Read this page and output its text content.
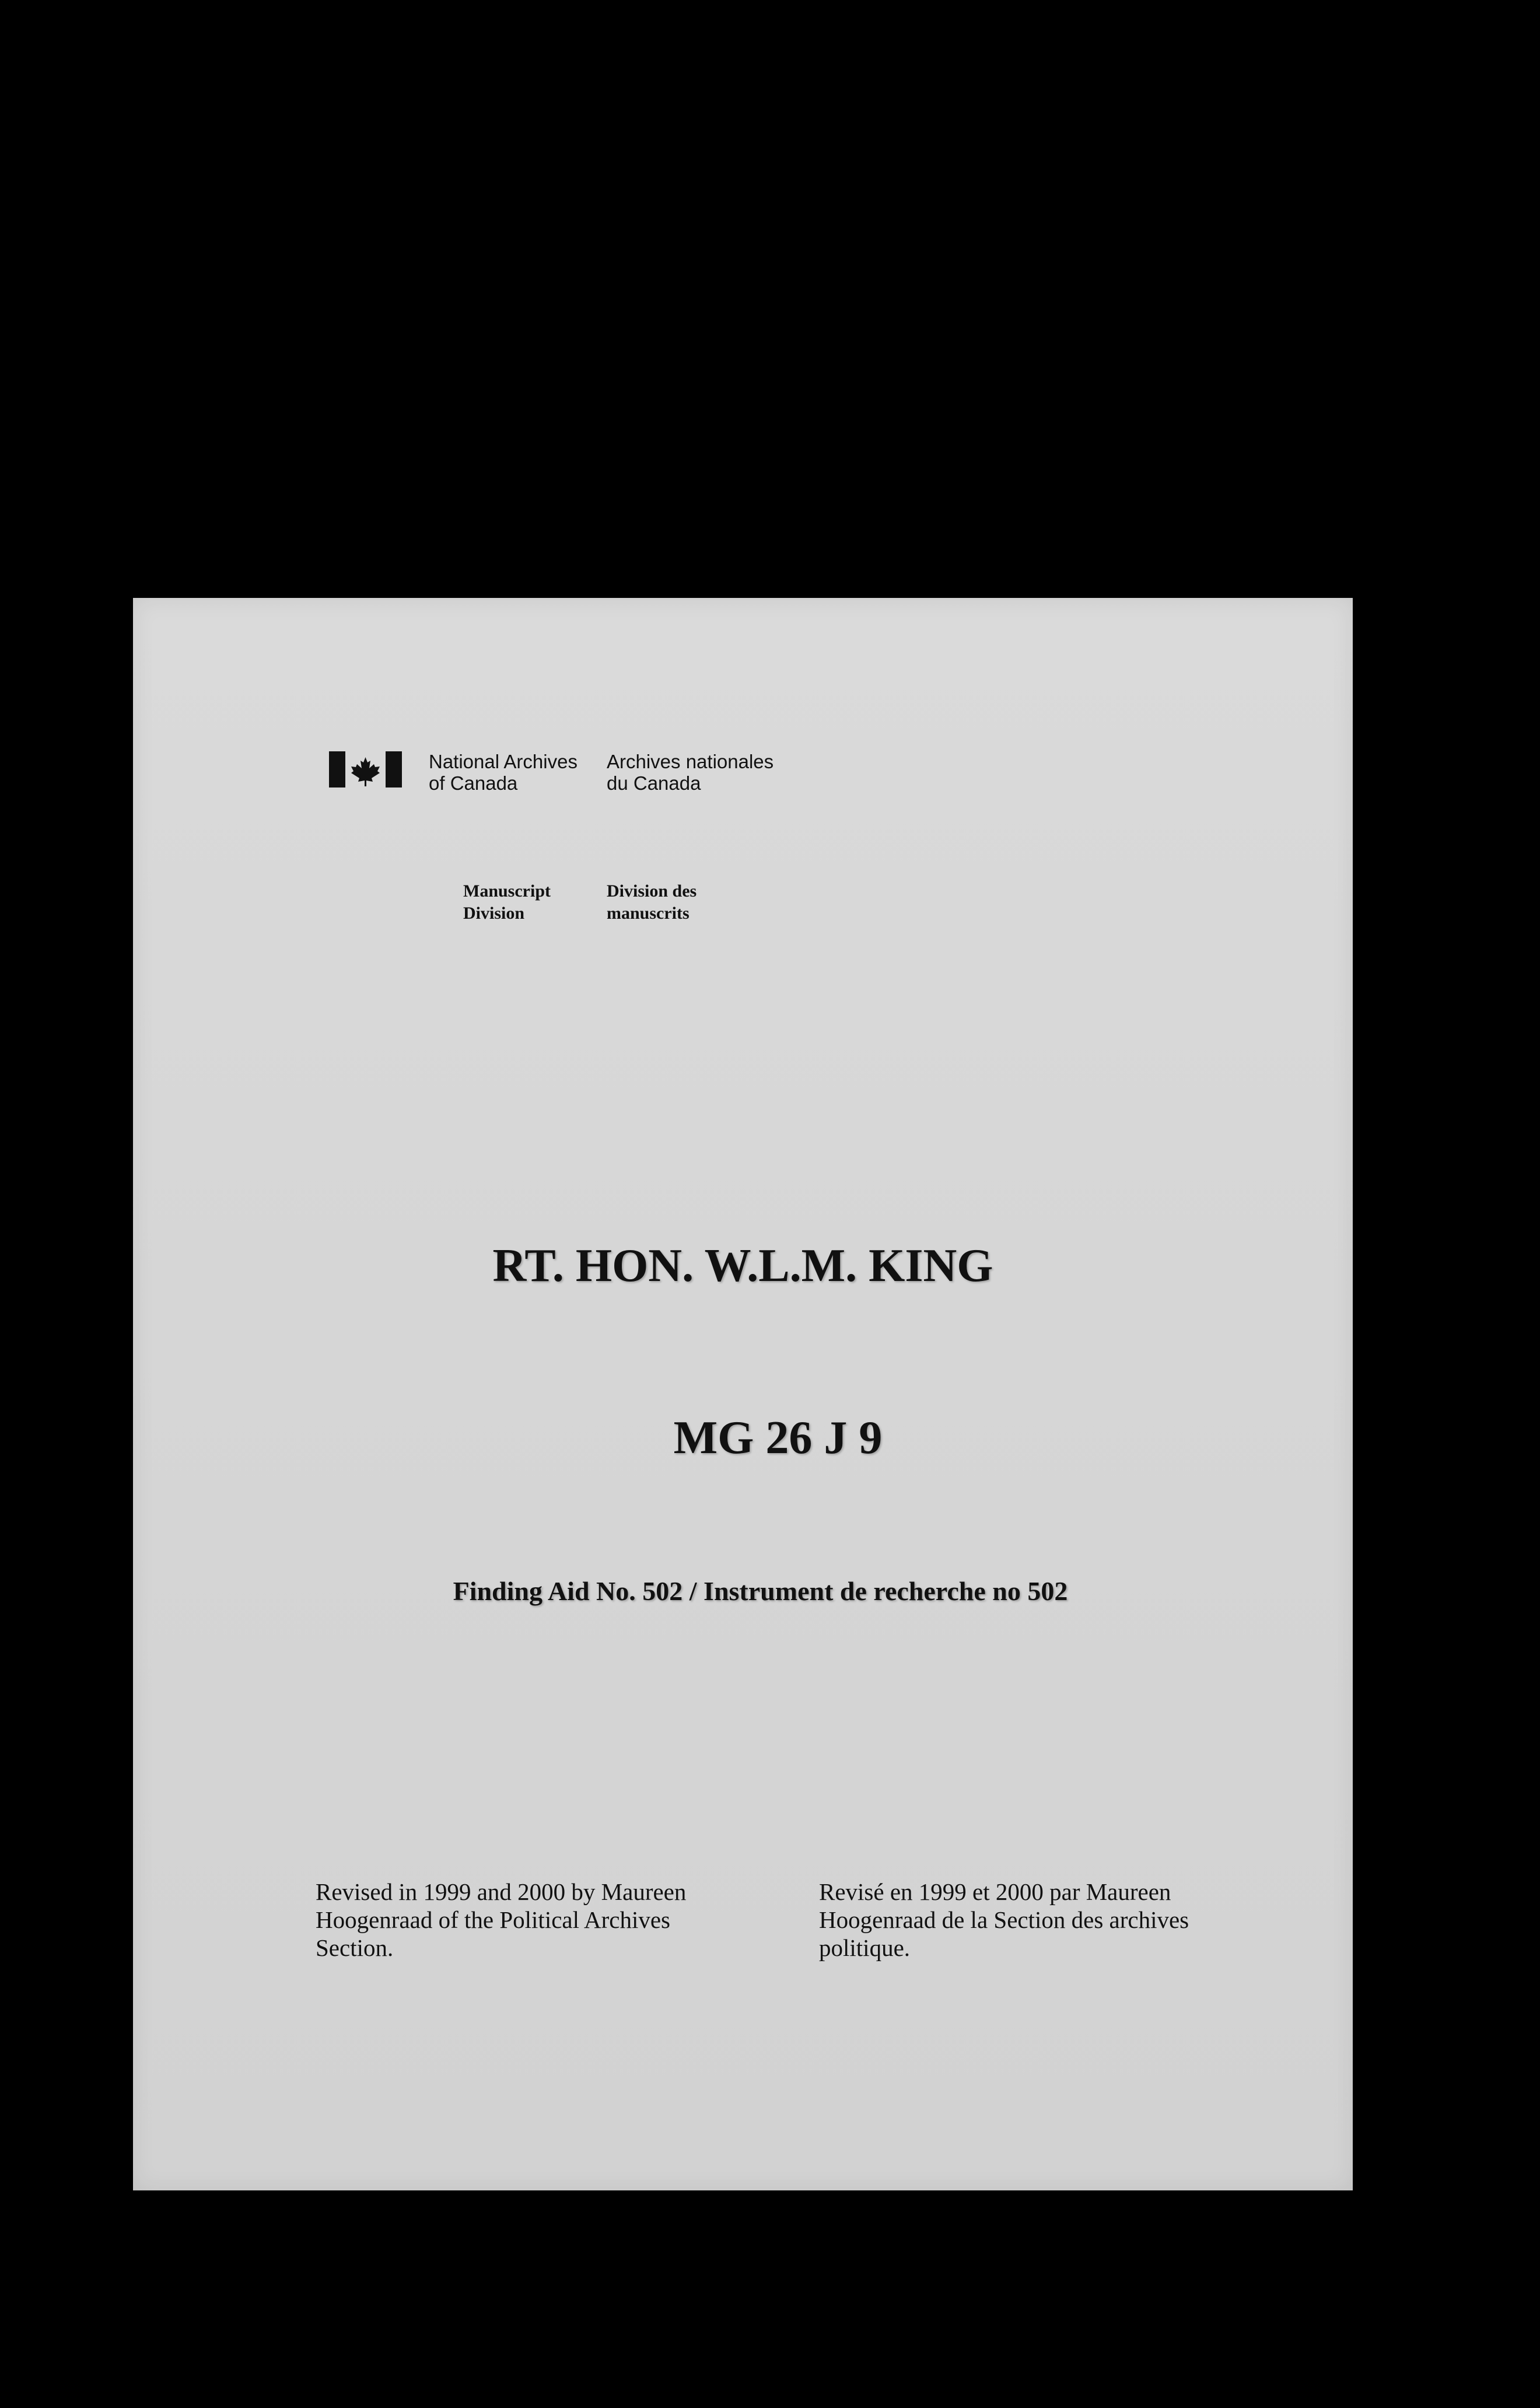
National Archives
of Canada
Archives nationales
du Canada
Manuscript
Division
Division des
manuscrits
RT. HON. W.L.M. KING
MG 26 J 9
Finding Aid No. 502 / Instrument de recherche no 502
Revised in 1999 and 2000 by Maureen Hoogenraad of the Political Archives Section.
Revisé en 1999 et 2000 par Maureen Hoogenraad de la Section des archives politique.
